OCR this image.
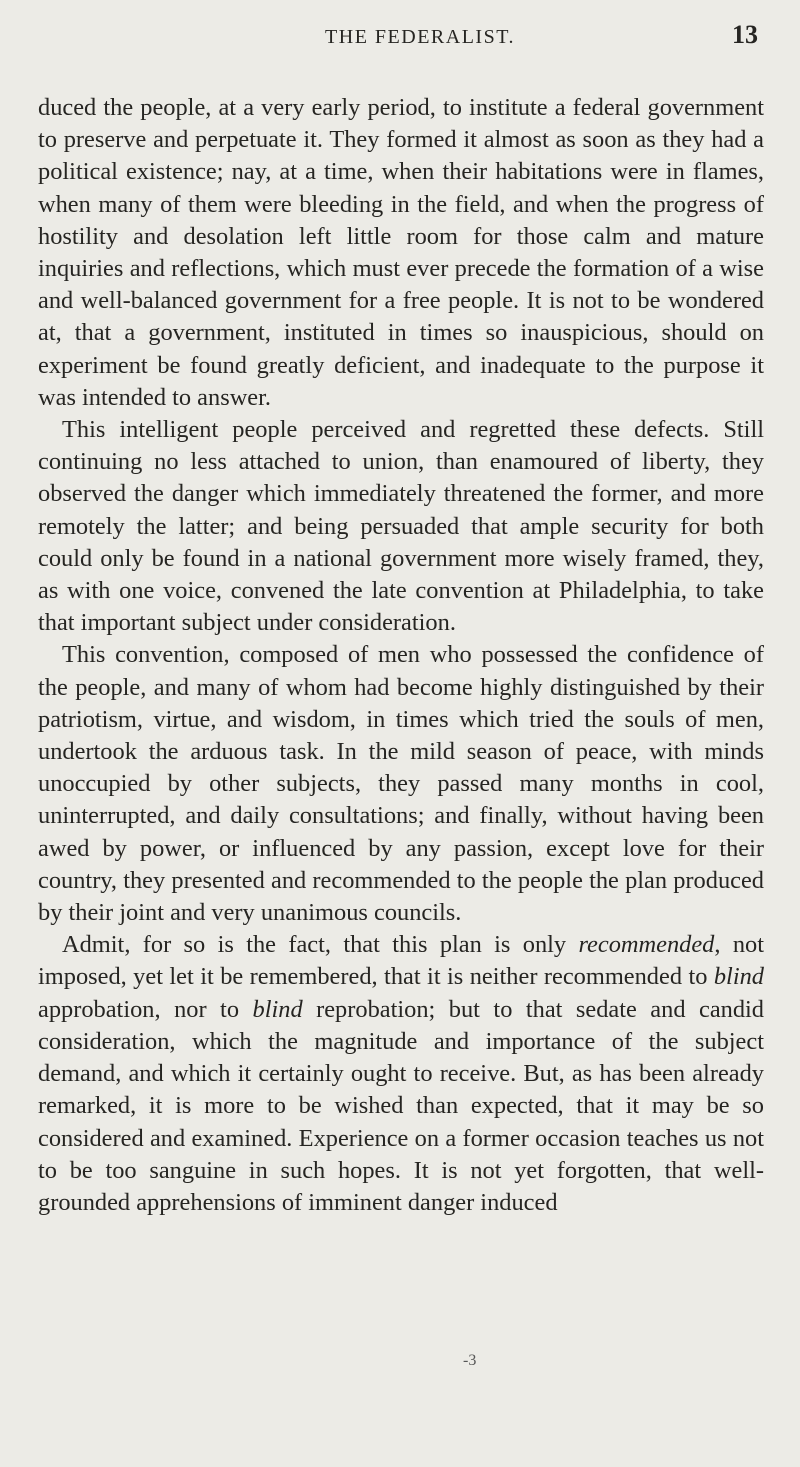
THE FEDERALIST.	13

duced the people, at a very early period, to institute a federal government to preserve and perpetuate it. They formed it almost as soon as they had a political existence; nay, at a time, when their habitations were in flames, when many of them were bleeding in the field, and when the progress of hostility and desolation left little room for those calm and mature inquiries and reflections, which must ever precede the formation of a wise and well-balanced government for a free people. It is not to be wondered at, that a government, instituted in times so inauspicious, should on experiment be found greatly deficient, and inadequate to the purpose it was intended to answer.

This intelligent people perceived and regretted these defects. Still continuing no less attached to union, than enamoured of liberty, they observed the danger which immediately threatened the former, and more remotely the latter; and being persuaded that ample security for both could only be found in a national government more wisely framed, they, as with one voice, convened the late convention at Philadelphia, to take that important subject under consideration.

This convention, composed of men who possessed the confidence of the people, and many of whom had become highly distinguished by their patriotism, virtue, and wisdom, in times which tried the souls of men, undertook the arduous task. In the mild season of peace, with minds unoccupied by other subjects, they passed many months in cool, uninterrupted, and daily consultations; and finally, without having been awed by power, or influenced by any passion, except love for their country, they presented and recommended to the people the plan produced by their joint and very unanimous councils.

Admit, for so is the fact, that this plan is only recommended, not imposed, yet let it be remembered, that it is neither recommended to blind approbation, nor to blind reprobation; but to that sedate and candid consideration, which the magnitude and importance of the subject demand, and which it certainly ought to receive. But, as has been already remarked, it is more to be wished than expected, that it may be so considered and examined. Experience on a former occasion teaches us not to be too sanguine in such hopes. It is not yet forgotten, that well-grounded apprehensions of imminent danger induced

-3
